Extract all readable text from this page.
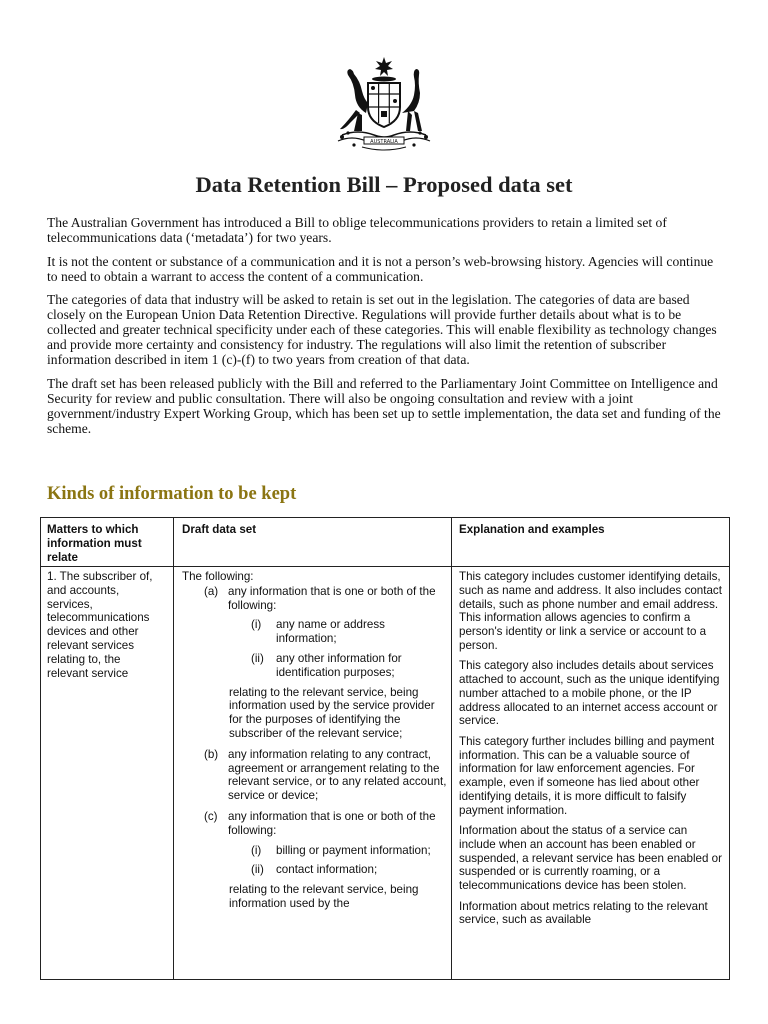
AUSTRALIA
Data Retention Bill – Proposed data set

The Australian Government has introduced a Bill to oblige telecommunications providers to retain a limited set of telecommunications data (‘metadata’) for two years.

It is not the content or substance of a communication and it is not a person’s web-browsing history. Agencies will continue to need to obtain a warrant to access the content of a communication.

The categories of data that industry will be asked to retain is set out in the legislation. The categories of data are based closely on the European Union Data Retention Directive. Regulations will provide further details about what is to be collected and greater technical specificity under each of these categories. This will enable flexibility as technology changes and provide more certainty and consistency for industry. The regulations will also limit the retention of subscriber information described in item 1 (c)-(f) to two years from creation of that data.

The draft set has been released publicly with the Bill and referred to the Parliamentary Joint Committee on Intelligence and Security for review and public consultation. There will also be ongoing consultation and review with a joint government/industry Expert Working Group, which has been set up to settle implementation, the data set and funding of the scheme.

Kinds of information to be kept
Matters to which information must relate
Draft data set	Explanation and examples
1. The subscriber of, and accounts, services, telecommunications devices and other relevant services relating to, the relevant service
The following:
(a) any information that is one or both of the following:
(i) any name or address information;
(ii) any other information for identification purposes;
relating to the relevant service, being information used by the service provider for the purposes of identifying the subscriber of the relevant service;
(b) any information relating to any contract, agreement or arrangement relating to the relevant service, or to any related account, service or device;
(c) any information that is one or both of the following:
(i) billing or payment information;
(ii) contact information;
relating to the relevant service, being information used by the
This category includes customer identifying details, such as name and address. It also includes contact details, such as phone number and email address. This information allows agencies to confirm a person's identity or link a service or account to a person.
This category also includes details about services attached to account, such as the unique identifying number attached to a mobile phone, or the IP address allocated to an internet access account or service.
This category further includes billing and payment information. This can be a valuable source of information for law enforcement agencies. For example, even if someone has lied about other identifying details, it is more difficult to falsify payment information.
Information about the status of a service can include when an account has been enabled or suspended, a relevant service has been enabled or suspended or is currently roaming, or a telecommunications device has been stolen.
Information about metrics relating to the relevant service, such as available
